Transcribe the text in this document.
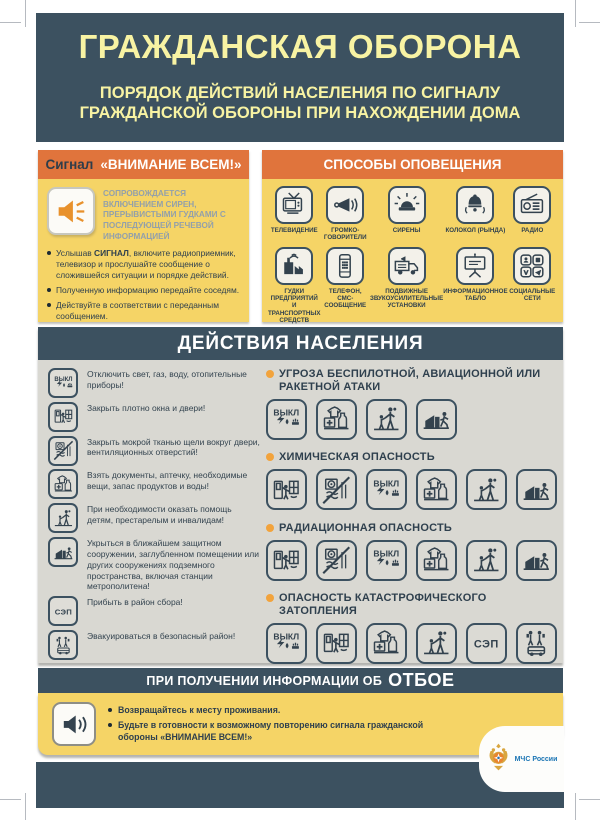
ГРАЖДАНСКАЯ ОБОРОНА
ПОРЯДОК ДЕЙСТВИЙ НАСЕЛЕНИЯ ПО СИГНАЛУ
ГРАЖДАНСКОЙ ОБОРОНЫ ПРИ НАХОЖДЕНИИ ДОМА
Сигнал «ВНИМАНИЕ ВСЕМ!»
СОПРОВОЖДАЕТСЯ ВКЛЮЧЕНИЕМ СИРЕН, ПРЕРЫВИСТЫМИ ГУДКАМИ С ПОСЛЕДУЮЩЕЙ РЕЧЕВОЙ ИНФОРМАЦИЕЙ
Услышав СИГНАЛ, включите радиоприемник, телевизор и прослушайте сообщение о сложившейся ситуации и порядке действий.
Полученную информацию передайте соседям.
Действуйте в соответствии с переданным сообщением.
СПОСОБЫ ОПОВЕЩЕНИЯ
ТЕЛЕВИДЕНИЕ	ГРОМКО-ГОВОРИТЕЛИ
СИРЕНЫ	КОЛОКОЛ (РЫНДА)	РАДИО
ГУДКИ ПРЕДПРИЯТИЙ И ТРАНСПОРТНЫХ СРЕДСТВ
ТЕЛЕФОН, СМС-СООБЩЕНИЕ
ПОДВИЖНЫЕ ЗВУКОУСИЛИТЕЛЬНЫЕ УСТАНОВКИ
ИНФОРМАЦИОННОЕ ТАБЛО
СОЦИАЛЬНЫЕ СЕТИ
ДЕЙСТВИЯ НАСЕЛЕНИЯ
Отключить свет, газ, воду, отопительные приборы!
Закрыть плотно окна и двери!
Закрыть мокрой тканью щели вокруг двери, вентиляционных отверстий!
Взять документы, аптечку, необходимые вещи, запас продуктов и воды!
При необходимости оказать помощь детям, престарелым и инвалидам!
Укрыться в ближайшем защитном сооружении, заглубленном помещении или других сооружениях подземного пространства, включая станции метрополитена!
Прибыть в район сбора!
Эвакуироваться в безопасный район!
УГРОЗА БЕСПИЛОТНОЙ, АВИАЦИОННОЙ ИЛИ РАКЕТНОЙ АТАКИ
ХИМИЧЕСКАЯ ОПАСНОСТЬ
РАДИАЦИОННАЯ ОПАСНОСТЬ
ОПАСНОСТЬ КАТАСТРОФИЧЕСКОГО ЗАТОПЛЕНИЯ
ПРИ ПОЛУЧЕНИИ ИНФОРМАЦИИ ОБ ОТБОЕ
Возвращайтесь к месту проживания.
Будьте в готовности к возможному повторению сигнала гражданской обороны «ВНИМАНИЕ ВСЕМ!»
МЧС России
